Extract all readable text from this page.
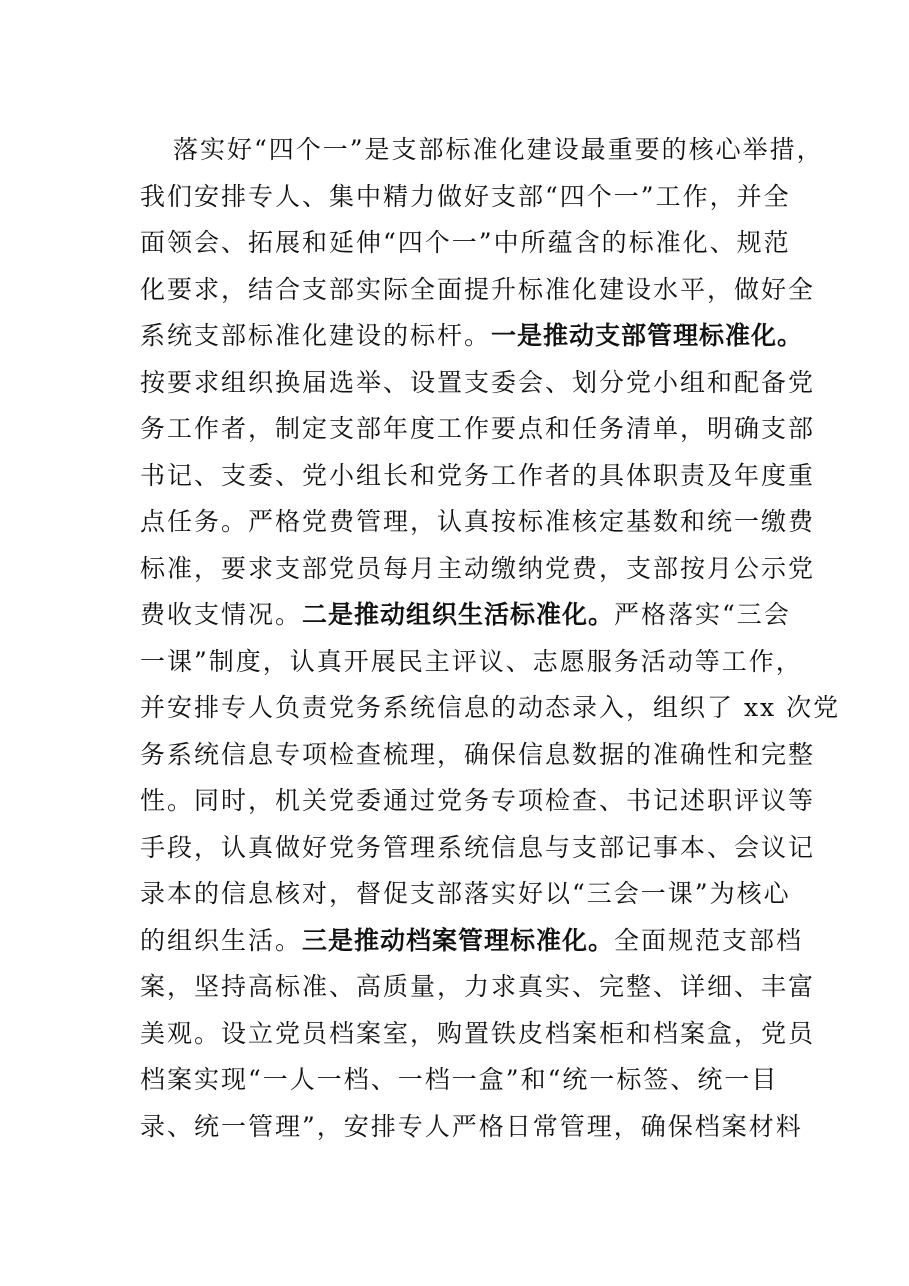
落实好“四个一”是支部标准化建设最重要的核心举措，
我们安排专人、集中精力做好支部“四个一”工作，并全
面领会、拓展和延伸“四个一”中所蕴含的标准化、规范
化要求，结合支部实际全面提升标准化建设水平，做好全
系统支部标准化建设的标杆。一是推动支部管理标准化。
按要求组织换届选举、设置支委会、划分党小组和配备党
务工作者，制定支部年度工作要点和任务清单，明确支部
书记、支委、党小组长和党务工作者的具体职责及年度重
点任务。严格党费管理，认真按标准核定基数和统一缴费
标准，要求支部党员每月主动缴纳党费，支部按月公示党
费收支情况。二是推动组织生活标准化。严格落实“三会
一课”制度，认真开展民主评议、志愿服务活动等工作，
并安排专人负责党务系统信息的动态录入，组织了 xx 次党
务系统信息专项检查梳理，确保信息数据的准确性和完整
性。同时，机关党委通过党务专项检查、书记述职评议等
手段，认真做好党务管理系统信息与支部记事本、会议记
录本的信息核对，督促支部落实好以“三会一课”为核心
的组织生活。三是推动档案管理标准化。全面规范支部档
案，坚持高标准、高质量，力求真实、完整、详细、丰富
美观。设立党员档案室，购置铁皮档案柜和档案盒，党员
档案实现“一人一档、一档一盒”和“统一标签、统一目
录、统一管理”，安排专人严格日常管理，确保档案材料
